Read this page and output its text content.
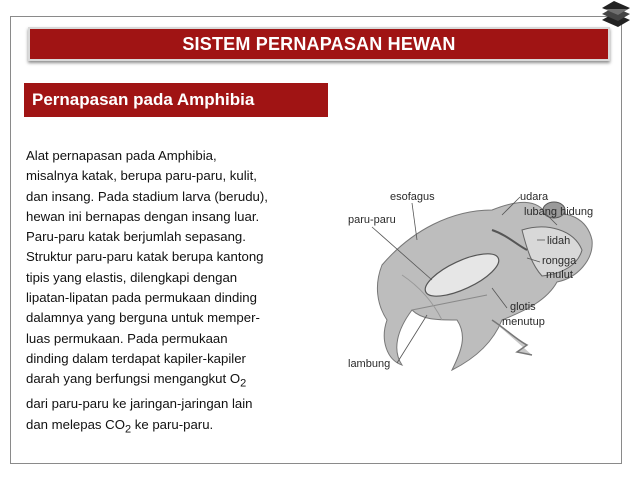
SISTEM PERNAPASAN HEWAN
Pernapasan pada Amphibia

Alat pernapasan pada Amphibia,

misalnya katak, berupa paru-paru, kulit,

dan insang. Pada stadium larva (berudu),

hewan ini bernapas dengan insang luar.

Paru-paru katak berjumlah sepasang.

Struktur paru-paru katak berupa kantong

tipis yang elastis, dilengkapi dengan

lipatan-lipatan pada permukaan dinding

dalamnya yang berguna untuk memper-

luas permukaan. Pada permukaan

dinding dalam terdapat kapiler-kapiler

darah yang berfungsi mengangkut $O_2$

dari paru-paru ke jaringan-jaringan lain

dan melepas $CO_2$ ke paru-paru.

esofagus	udara
lubang hidung
paru-paru
lidah
rongga
mulut
glotis
menutup
lambung
